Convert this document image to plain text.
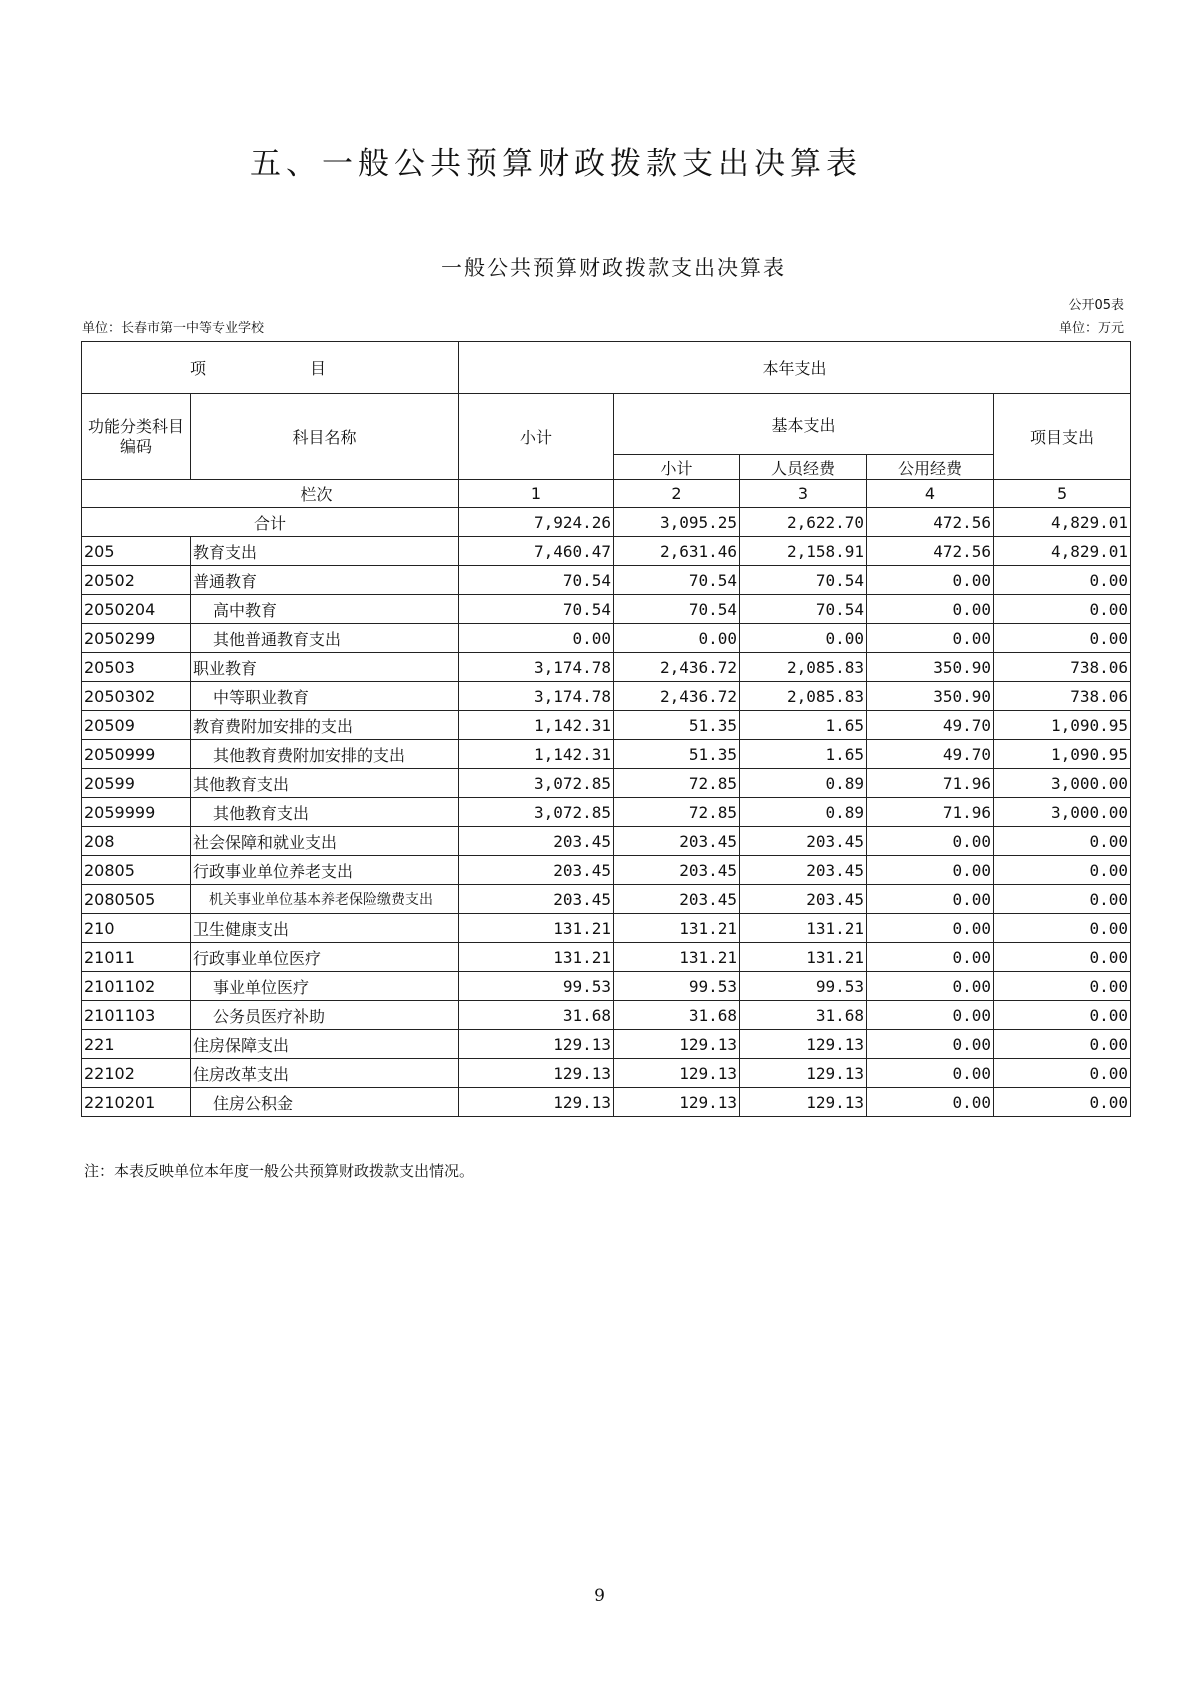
五、一般公共预算财政拨款支出决算表
一般公共预算财政拨款支出决算表
公开05表
单位：长春市第一中等专业学校	单位：万元
项　　目		本年支出				
功能分类科目编码	科目名称	小计	基本支出			项目支出
			小计	人员经费	公用经费	
栏次		1	2	3	4	5
合计		7,924.26	3,095.25	2,622.70	472.56	4,829.01
205	教育支出	7,460.47	2,631.46	2,158.91	472.56	4,829.01
20502	普通教育	70.54	70.54	70.54	0.00	0.00
2050204	高中教育	70.54	70.54	70.54	0.00	0.00
2050299	其他普通教育支出	0.00	0.00	0.00	0.00	0.00
20503	职业教育	3,174.78	2,436.72	2,085.83	350.90	738.06
2050302	中等职业教育	3,174.78	2,436.72	2,085.83	350.90	738.06
20509	教育费附加安排的支出	1,142.31	51.35	1.65	49.70	1,090.95
2050999	其他教育费附加安排的支出	1,142.31	51.35	1.65	49.70	1,090.95
20599	其他教育支出	3,072.85	72.85	0.89	71.96	3,000.00
2059999	其他教育支出	3,072.85	72.85	0.89	71.96	3,000.00
208	社会保障和就业支出	203.45	203.45	203.45	0.00	0.00
20805	行政事业单位养老支出	203.45	203.45	203.45	0.00	0.00
2080505	机关事业单位基本养老保险缴费支出	203.45	203.45	203.45	0.00	0.00
210	卫生健康支出	131.21	131.21	131.21	0.00	0.00
21011	行政事业单位医疗	131.21	131.21	131.21	0.00	0.00
2101102	事业单位医疗	99.53	99.53	99.53	0.00	0.00
2101103	公务员医疗补助	31.68	31.68	31.68	0.00	0.00
221	住房保障支出	129.13	129.13	129.13	0.00	0.00
22102	住房改革支出	129.13	129.13	129.13	0.00	0.00
2210201	住房公积金	129.13	129.13	129.13	0.00	0.00
注：本表反映单位本年度一般公共预算财政拨款支出情况。
9
